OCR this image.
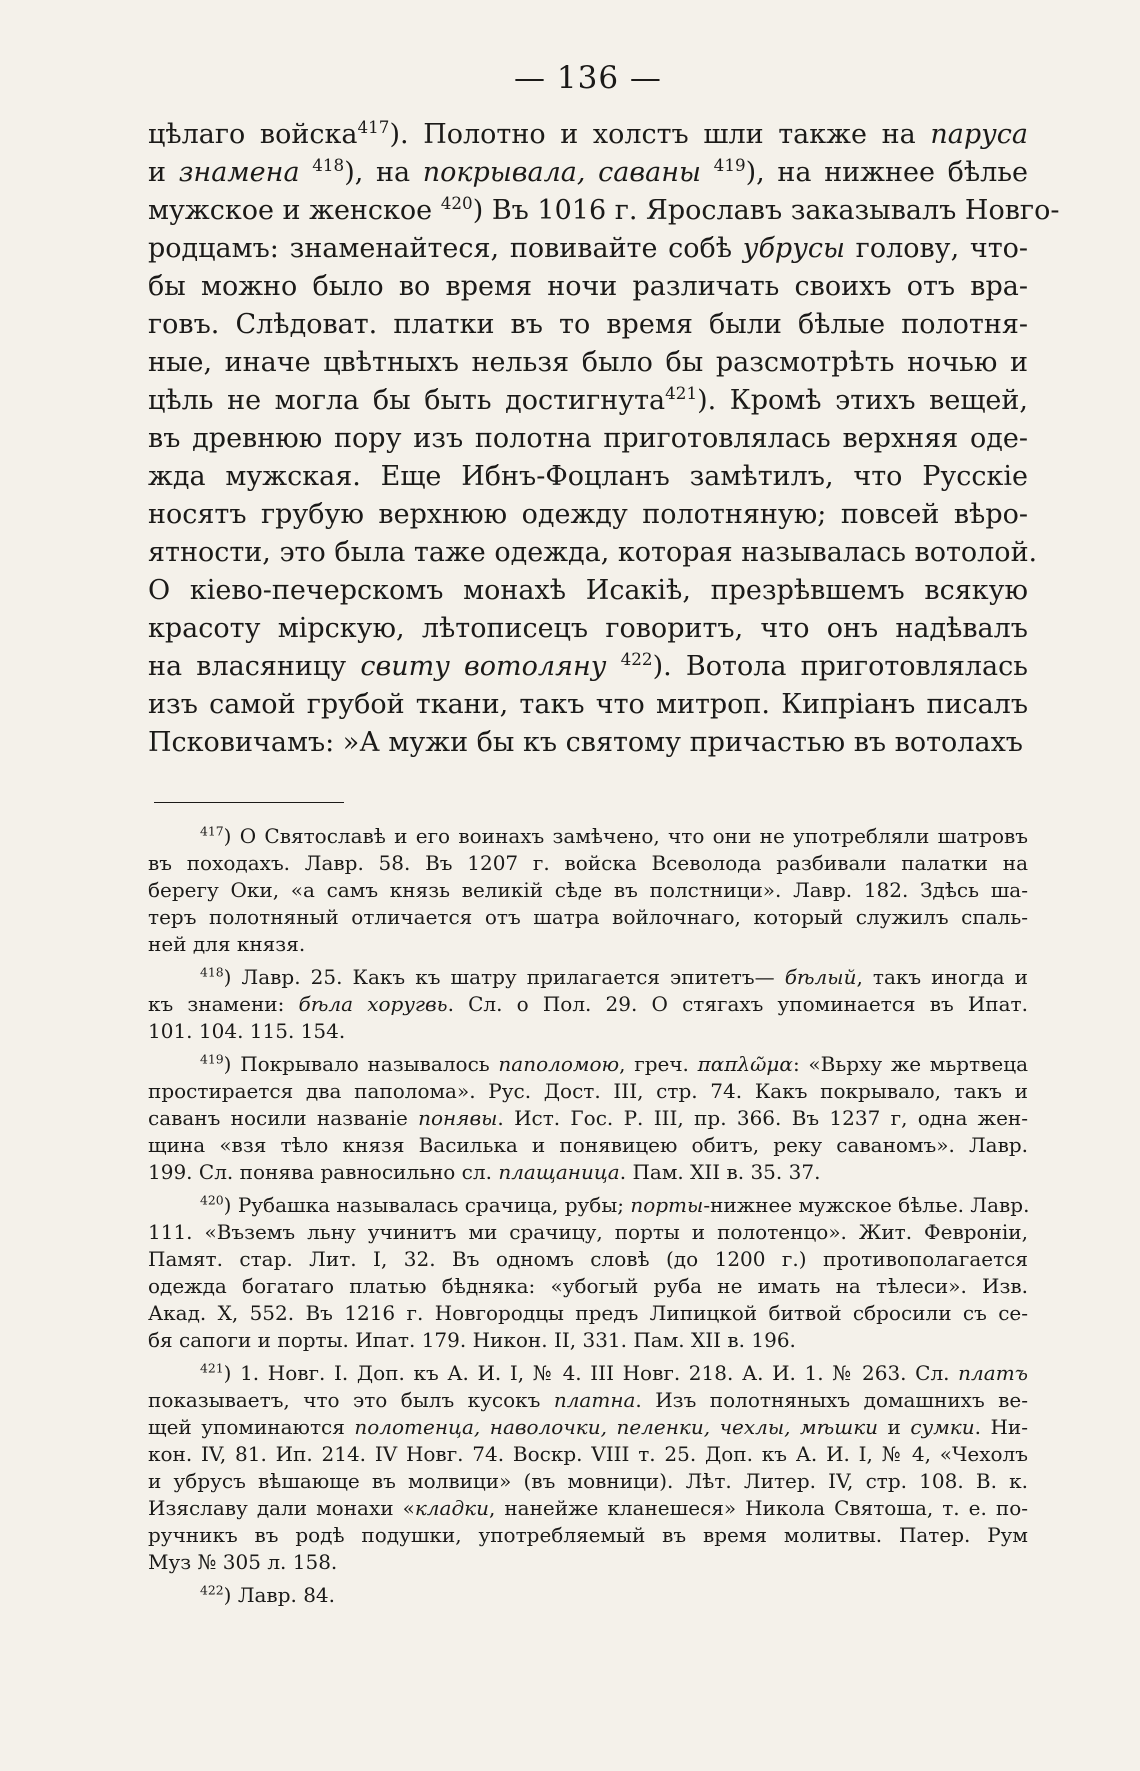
— 136 —
цѣлаго войска$^{417}$). Полотно и холстъ шли также на паруса
и знамена $^{418}$), на покрывала, саваны $^{419}$), на нижнее бѣлье
мужское и женское $^{420}$) Въ 1016 г. Ярославъ заказывалъ Новго-
родцамъ: знаменайтеся, повивайте собѣ убрусы голову, что-
бы можно было во время ночи различать своихъ отъ вра-
говъ. Слѣдоват. платки въ то время были бѣлые полотня-
ные, иначе цвѣтныхъ нельзя было бы разсмотрѣть ночью и
цѣль не могла бы быть достигнута$^{421}$). Кромѣ этихъ вещей,
въ древнюю пору изъ полотна приготовлялась верхняя оде-
жда мужская. Еще Ибнъ-Фоцланъ замѣтилъ, что Русскіе
носятъ грубую верхнюю одежду полотняную; повсей вѣро-
ятности, это была таже одежда, которая называлась вотолой.
О кіево-печерскомъ монахѣ Исакіѣ, презрѣвшемъ всякую
красоту мірскую, лѣтописецъ говоритъ, что онъ надѣвалъ
на власяницу свиту вотоляну $^{422}$). Вотола приготовлялась
изъ самой грубой ткани, такъ что митроп. Кипріанъ писалъ
Псковичамъ: »А мужи бы къ святому причастью въ вотолахъ
$^{417}$) О Святославѣ и его воинахъ замѣчено, что они не употребляли шатровъ
въ походахъ. Лавр. 58. Въ 1207 г. войска Всеволода разбивали палатки на
берегу Оки, «а самъ князь великій сѣде въ полстници». Лавр. 182. Здѣсь ша-
теръ полотняный отличается отъ шатра войлочнаго, который служилъ спаль-
ней для князя.
$^{418}$) Лавр. 25. Какъ къ шатру прилагается эпитетъ— бѣлый, такъ иногда и
къ знамени: бѣла хоругвь. Сл. о Пол. 29. О стягахъ упоминается въ Ипат.
101. 104. 115. 154.
$^{419}$) Покрывало называлось паполомою, греч. παπλῶμα: «Вьрху же мьртвеца
простирается два паполома». Рус. Дост. III, стр. 74. Какъ покрывало, такъ и
саванъ носили названіе понявы. Ист. Гос. Р. III, пр. 366. Въ 1237 г, одна жен-
щина «взя тѣло князя Василька и понявицею обитъ, реку саваномъ». Лавр.
199. Сл. понява равносильно сл. плащаница. Пам. XII в. 35. 37.
$^{420}$) Рубашка называлась срачица, рубы; порты-нижнее мужское бѣлье. Лавр.
111. «Въземъ льну учинитъ ми срачицу, порты и полотенцо». Жит. Февроніи,
Памят. стар. Лит. I, 32. Въ одномъ словѣ (до 1200 г.) противополагается
одежда богатаго платью бѣдняка: «убогый руба не имать на тѣлеси». Изв.
Акад. X, 552. Въ 1216 г. Новгородцы предъ Липицкой битвой сбросили съ се-
бя сапоги и порты. Ипат. 179. Никон. II, 331. Пам. XII в. 196.
$^{421}$) 1. Новг. I. Доп. къ А. И. I, № 4. III Новг. 218. А. И. 1. № 263. Сл. платъ
показываетъ, что это былъ кусокъ платна. Изъ полотняныхъ домашнихъ ве-
щей упоминаются полотенца, наволочки, пеленки, чехлы, мѣшки и сумки. Ни-
кон. IV, 81. Ип. 214. IV Новг. 74. Воскр. VIII т. 25. Доп. къ А. И. I, № 4, «Чехолъ
и убрусъ вѣшающе въ молвици» (въ мовници). Лѣт. Литер. IV, стр. 108. В. к.
Изяславу дали монахи «кладки, нанейже кланешеся» Никола Святоша, т. е. по-
ручникъ въ родѣ подушки, употребляемый въ время молитвы. Патер. Рум
Муз № 305 л. 158.
$^{422}$) Лавр. 84.
